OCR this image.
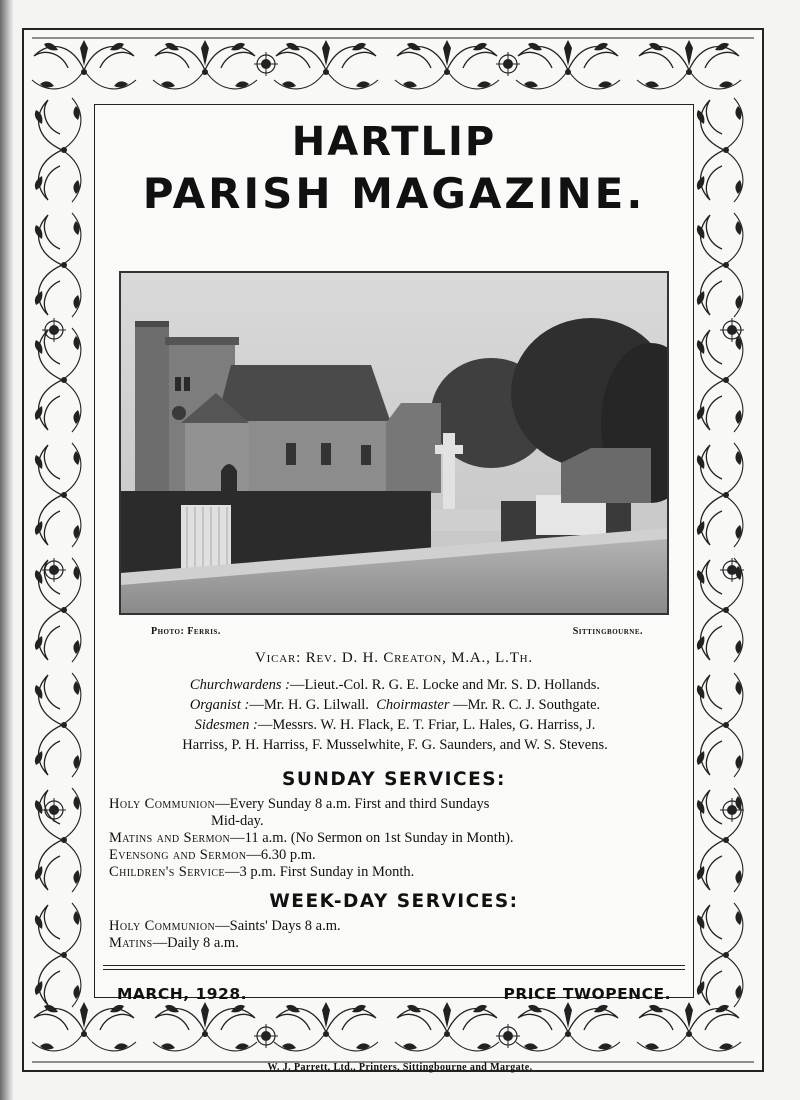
HARTLIP
PARISH MAGAZINE.
Photo: Ferris.	Sittingbourne.
Vicar: Rev. D. H. Creaton, M.A., L.Th.

Churchwardens :—Lieut.-Col. R. G. E. Locke and Mr. S. D. Hollands.

Organist :—Mr. H. G. Lilwall. Choirmaster —Mr. R. C. J. Southgate.

Sidesmen :—Messrs. W. H. Flack, E. T. Friar, L. Hales, G. Harriss, J.

Harriss, P. H. Harriss, F. Musselwhite, F. G. Saunders, and W. S. Stevens.

SUNDAY SERVICES:

Holy Communion—Every Sunday 8 a.m. First and third Sundays

Mid-day.

Matins and Sermon—11 a.m. (No Sermon on 1st Sunday in Month).

Evensong and Sermon—6.30 p.m.

Children's Service—3 p.m. First Sunday in Month.

WEEK-DAY SERVICES:

Holy Communion—Saints' Days 8 a.m.

Matins—Daily 8 a.m.

MARCH, 1928.	PRICE TWOPENCE.
W. J. Parrett, Ltd., Printers, Sittingbourne and Margate.
